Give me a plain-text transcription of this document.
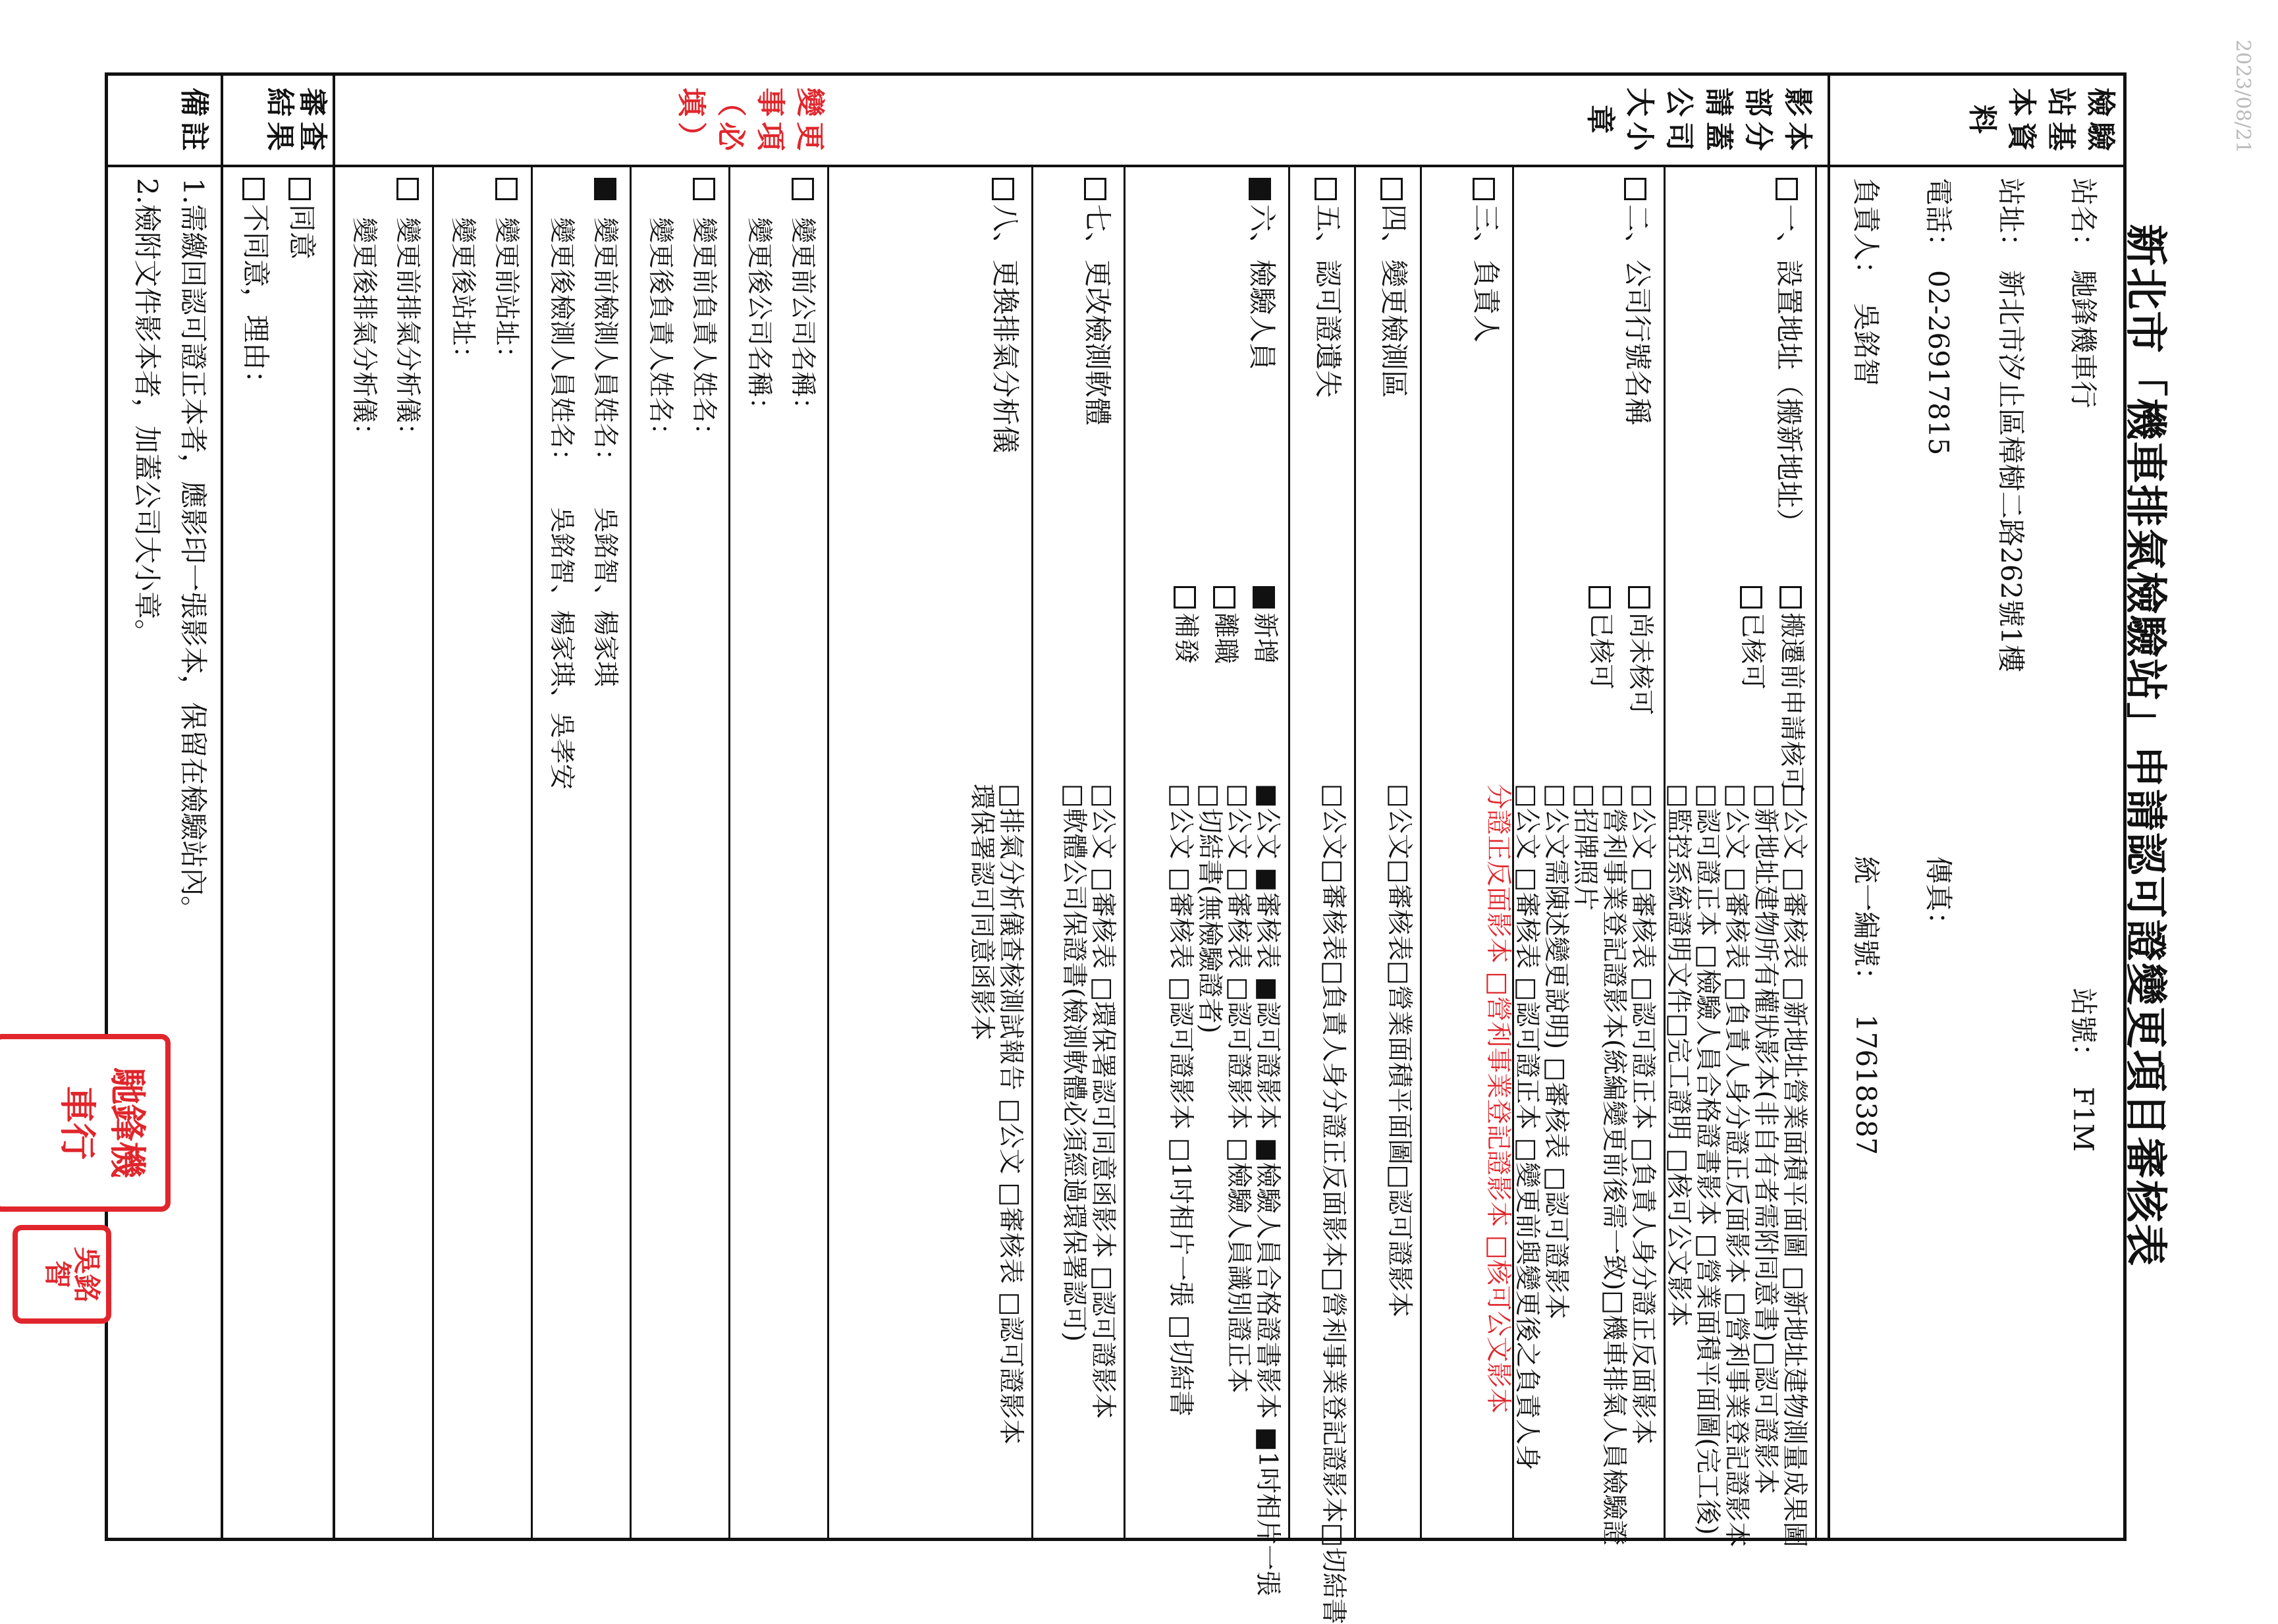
新北市「機車排氣檢驗站」申請認可證變更項目審核表
2023/08/21
檢驗站基本資料
站名：
馳鋒機車行
站號：
F1M
站址：
新北市汐止區樟樹二路262號1樓
電話：
02-26917815
傳真：
負責人：
吳銘智
統一編號：
17618387
影本部分請蓋公司大小章
一、設置地址（搬新地址）
搬遷前申請核可
已核可
□公文 □審核表 □新地址營業面積平面圖 □新地址建物測量成果圖
□新地址建物所有權狀影本(非自有者需附同意書)□認可證影本
□公文 □審核表 □負責人身分證正反面影本 □營利事業登記證影本
□認可證正本 □檢驗人員合格證書影本 □營業面積平面圖(完工後)
□監控系統證明文件□完工證明 □核可公文影本
二、公司行號名稱
尚未核可
已核可
□公文 □審核表 □認可證正本 □負責人身分證正反面影本
□營利事業登記證影本(統編變更前後需一致)□機車排氣人員檢驗證
□招牌照片
□公文需陳述變更說明) □審核表 □認可證影本
□公文 □審核表 □認可證正本 □變更前與變更後之負責人身
分證正反面影本 □營利事業登記證影本 □核可公文影本
三、負責人
四、變更檢測區
□公文□審核表□營業面積平面圖□認可證影本
五、認可證遺失
□公文□審核表□負責人身分證正反面影本□營利事業登記證影本□切結書
六、檢驗人員
新增
離職
補發
■公文 ■審核表 ■認可證影本 ■檢驗人員合格證書影本 ■1吋相片一張
□公文 □審核表 □認可證影本 □檢驗人員識別證正本
□切結書(無檢驗證者)
□公文 □審核表 □認可證影本 □1吋相片一張 □切結書
七、更改檢測軟體
□公文 □審核表 □環保署認可同意函影本 □認可證影本
□軟體公司保證書(檢測軟體必須經過環保署認可)
八、更換排氣分析儀
□排氣分析儀查核測試報告 □公文 □審核表 □認可證影本
環保署認可同意函影本
變更事項（必填）
變更前公司名稱：
變更後公司名稱：
變更前負責人姓名：
變更後負責人姓名：
變更前檢測人員姓名：
吳銘智、楊家琪
變更後檢測人員姓名：
吳銘智、楊家琪、吳孝安
變更前站址：
變更後站址：
變更前排氣分析儀：
變更後排氣分析儀：
審查結果
同意
不同意，理由：
備註
1.需繳回認可證正本者，應影印一張影本，保留在檢驗站內。
2.檢附文件影本者，加蓋公司大小章。
馳鋒機車行
吳銘智
